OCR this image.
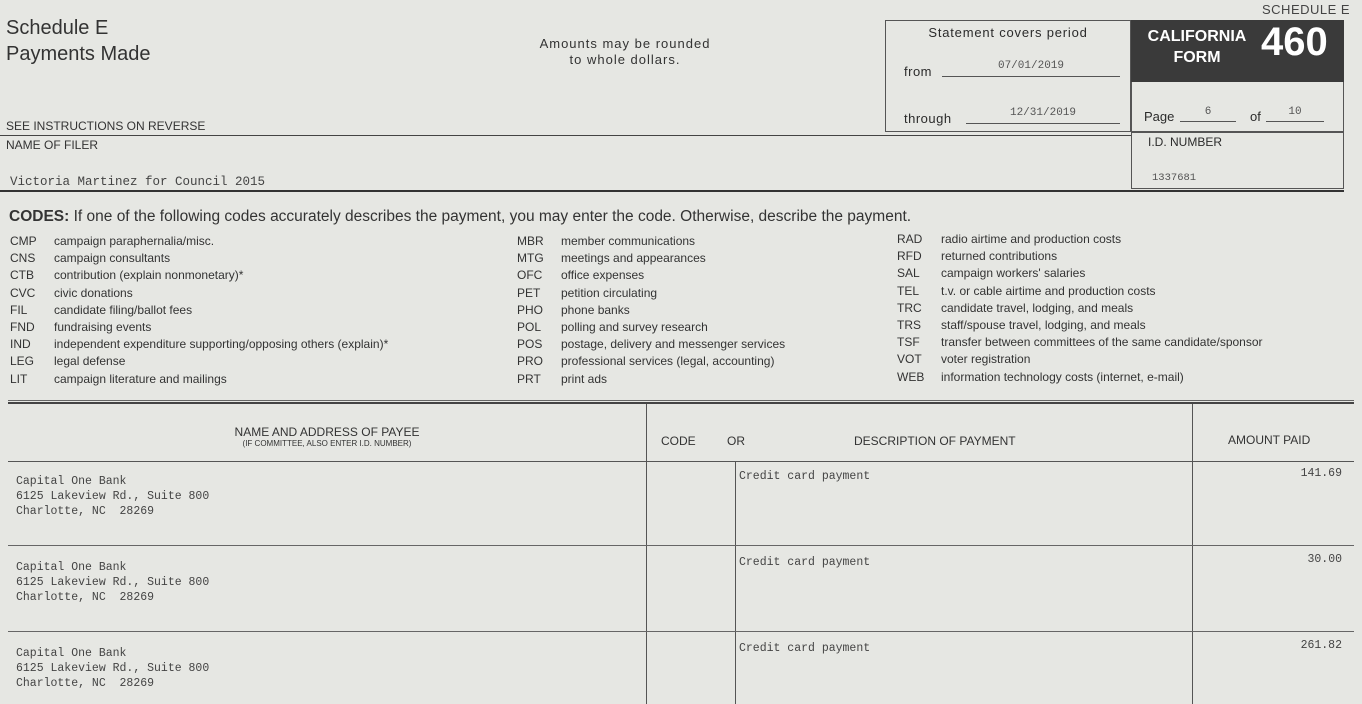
SCHEDULE E
Schedule E
Payments Made	Amounts may be rounded
to whole dollars.
SEE INSTRUCTIONS ON REVERSE
NAME OF FILER
Victoria Martinez for Council 2015
Statement covers period
from	07/01/2019
through	12/31/2019
CALIFORNIA
FORM	460
Page	6	of	10
I.D. NUMBER
1337681
CODES: If one of the following codes accurately describes the payment, you may enter the code. Otherwise, describe the payment.
CMP campaign paraphernalia/misc.
CNS campaign consultants
CTB contribution (explain nonmonetary)*
CVC civic donations
FIL candidate filing/ballot fees
FND fundraising events
IND independent expenditure supporting/opposing others (explain)*
LEG legal defense
LIT campaign literature and mailings
MBR member communications
MTG meetings and appearances
OFC office expenses
PET petition circulating
PHO phone banks
POL polling and survey research
POS postage, delivery and messenger services
PRO professional services (legal, accounting)
PRT print ads
RAD radio airtime and production costs
RFD returned contributions
SAL campaign workers' salaries
TEL t.v. or cable airtime and production costs
TRC candidate travel, lodging, and meals
TRS staff/spouse travel, lodging, and meals
TSF transfer between committees of the same candidate/sponsor
VOT voter registration
WEB information technology costs (internet, e-mail)
NAME AND ADDRESS OF PAYEE
(IF COMMITTEE, ALSO ENTER I.D. NUMBER)	CODE	OR	DESCRIPTION OF PAYMENT	AMOUNT PAID
Capital One Bank
6125 Lakeview Rd., Suite 800
Charlotte, NC  28269
Credit card payment	141.69
Capital One Bank
6125 Lakeview Rd., Suite 800
Charlotte, NC  28269
Credit card payment	30.00
Capital One Bank
6125 Lakeview Rd., Suite 800
Charlotte, NC  28269
Credit card payment	261.82
